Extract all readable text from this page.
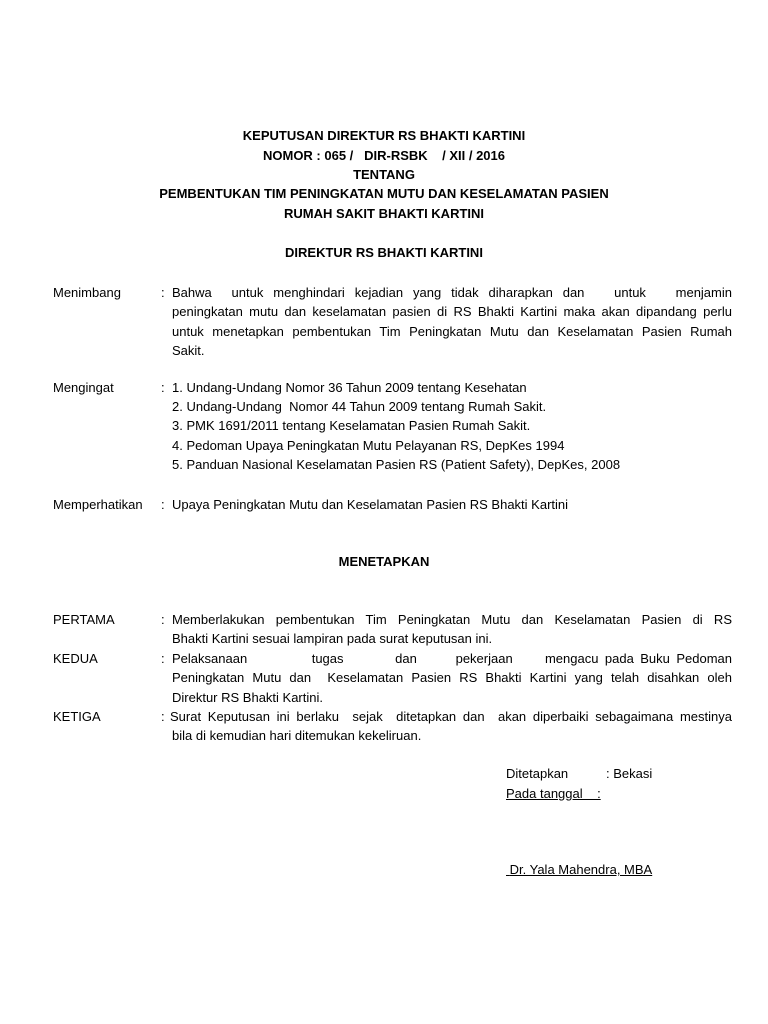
KEPUTUSAN DIREKTUR RS BHAKTI KARTINI
NOMOR : 065 /   DIR-RSBK    / XII / 2016
TENTANG
PEMBENTUKAN TIM PENINGKATAN MUTU DAN KESELAMATAN PASIEN
RUMAH SAKIT BHAKTI KARTINI
DIREKTUR RS BHAKTI KARTINI
Menimbang	: Bahwa  untuk menghindari kejadian yang tidak diharapkan dan   untuk   menjamin
peningkatan mutu dan keselamatan pasien di RS Bhakti Kartini maka akan dipandang perlu
untuk menetapkan pembentukan Tim Peningkatan Mutu dan Keselamatan Pasien Rumah
Sakit.
Mengingat	: 1. Undang-Undang Nomor 36 Tahun 2009 tentang Kesehatan
2. Undang-Undang  Nomor 44 Tahun 2009 tentang Rumah Sakit.
3. PMK 1691/2011 tentang Keselamatan Pasien Rumah Sakit.
4. Pedoman Upaya Peningkatan Mutu Pelayanan RS, DepKes 1994
5. Panduan Nasional Keselamatan Pasien RS (Patient Safety), DepKes, 2008
Memperhatikan : Upaya Peningkatan Mutu dan Keselamatan Pasien RS Bhakti Kartini
MENETAPKAN
PERTAMA	: Memberlakukan pembentukan Tim Peningkatan Mutu dan Keselamatan Pasien di RS
Bhakti Kartini sesuai lampiran pada surat keputusan ini.
KEDUA	: Pelaksanaan          tugas        dan      pekerjaan     mengacu pada Buku Pedoman
Peningkatan Mutu dan  Keselamatan Pasien RS Bhakti Kartini yang telah disahkan oleh
Direktur RS Bhakti Kartini.
KETIGA	: Surat Keputusan ini berlaku  sejak  ditetapkan dan  akan diperbaiki sebagaimana mestinya
bila di kemudian hari ditemukan kekeliruan.
Ditetapkan	: Bekasi
Pada tanggal    :
Dr. Yala Mahendra, MBA
